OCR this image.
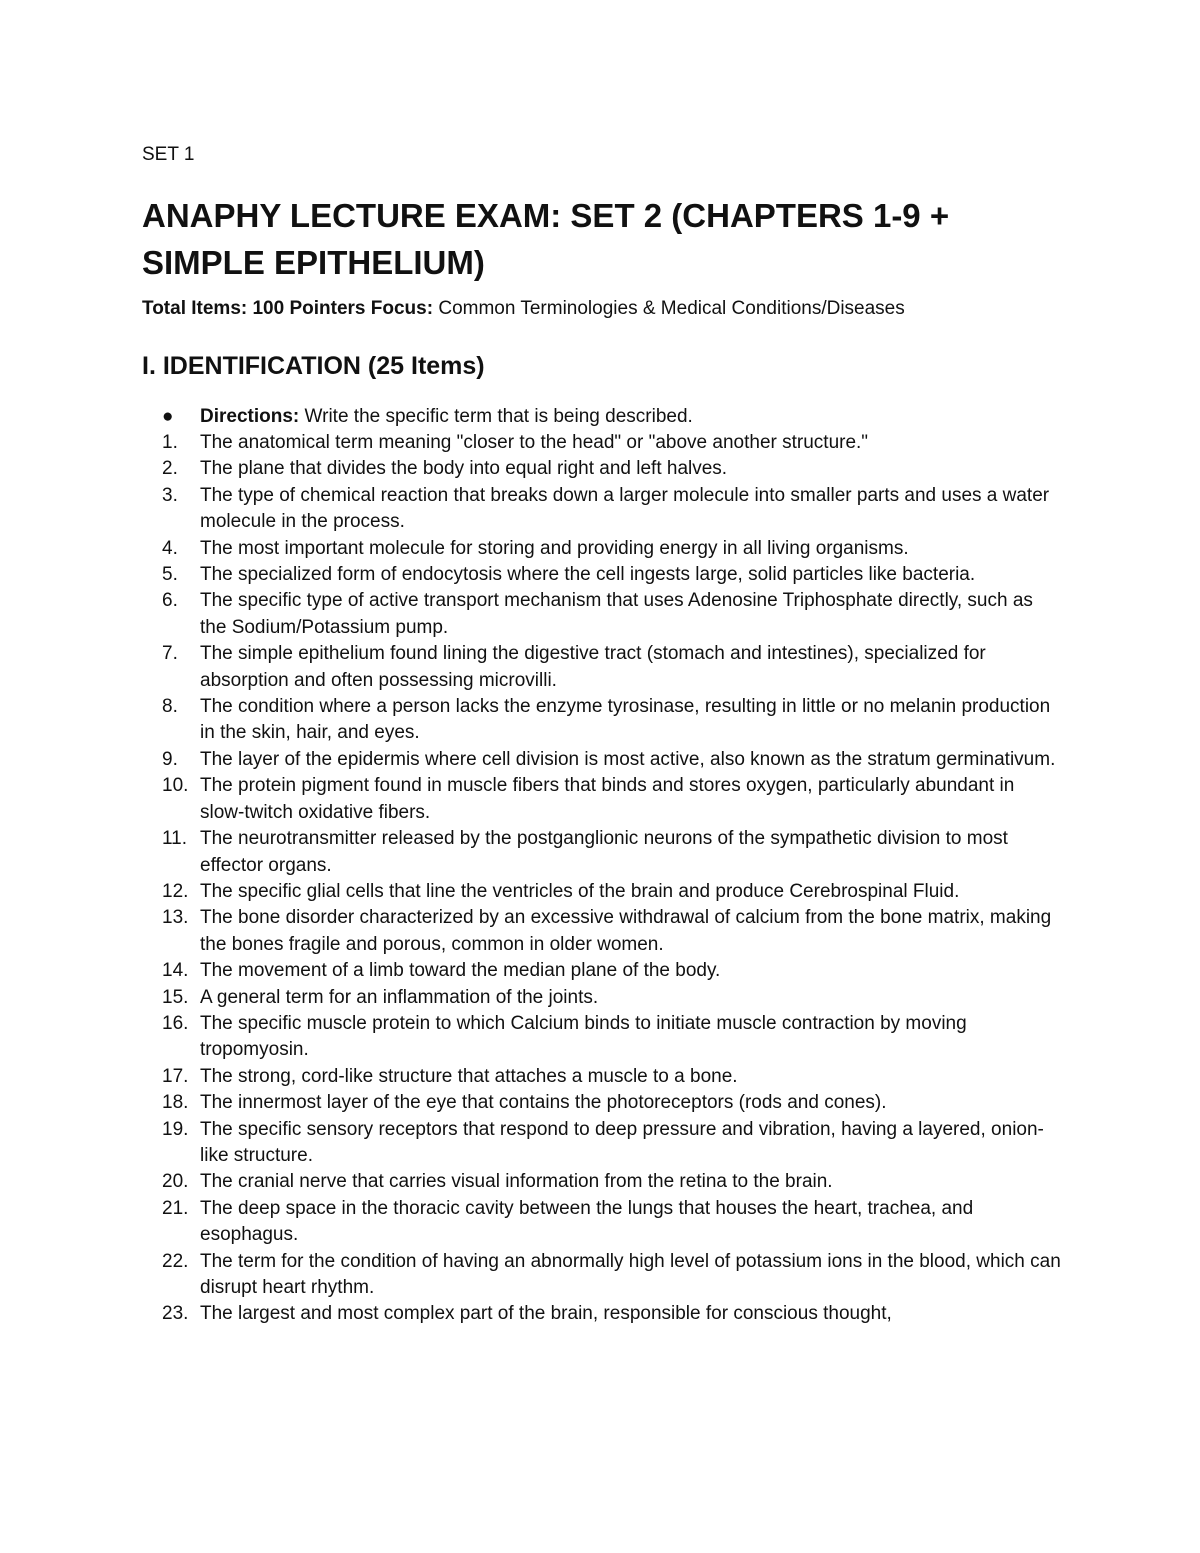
SET 1
ANAPHY LECTURE EXAM: SET 2 (CHAPTERS 1-9 + SIMPLE EPITHELIUM)
Total Items: 100 Pointers Focus: Common Terminologies & Medical Conditions/Diseases
I. IDENTIFICATION (25 Items)
●	Directions: Write the specific term that is being described.
1. The anatomical term meaning "closer to the head" or "above another structure."
2. The plane that divides the body into equal right and left halves.
3. The type of chemical reaction that breaks down a larger molecule into smaller parts and uses a water molecule in the process.
4. The most important molecule for storing and providing energy in all living organisms.
5. The specialized form of endocytosis where the cell ingests large, solid particles like bacteria.
6. The specific type of active transport mechanism that uses Adenosine Triphosphate directly, such as the Sodium/Potassium pump.
7. The simple epithelium found lining the digestive tract (stomach and intestines), specialized for absorption and often possessing microvilli.
8. The condition where a person lacks the enzyme tyrosinase, resulting in little or no melanin production in the skin, hair, and eyes.
9. The layer of the epidermis where cell division is most active, also known as the stratum germinativum.
10. The protein pigment found in muscle fibers that binds and stores oxygen, particularly abundant in slow-twitch oxidative fibers.
11. The neurotransmitter released by the postganglionic neurons of the sympathetic division to most effector organs.
12. The specific glial cells that line the ventricles of the brain and produce Cerebrospinal Fluid.
13. The bone disorder characterized by an excessive withdrawal of calcium from the bone matrix, making the bones fragile and porous, common in older women.
14. The movement of a limb toward the median plane of the body.
15. A general term for an inflammation of the joints.
16. The specific muscle protein to which Calcium binds to initiate muscle contraction by moving tropomyosin.
17. The strong, cord-like structure that attaches a muscle to a bone.
18. The innermost layer of the eye that contains the photoreceptors (rods and cones).
19. The specific sensory receptors that respond to deep pressure and vibration, having a layered, onion-like structure.
20. The cranial nerve that carries visual information from the retina to the brain.
21. The deep space in the thoracic cavity between the lungs that houses the heart, trachea, and esophagus.
22. The term for the condition of having an abnormally high level of potassium ions in the blood, which can disrupt heart rhythm.
23. The largest and most complex part of the brain, responsible for conscious thought,
